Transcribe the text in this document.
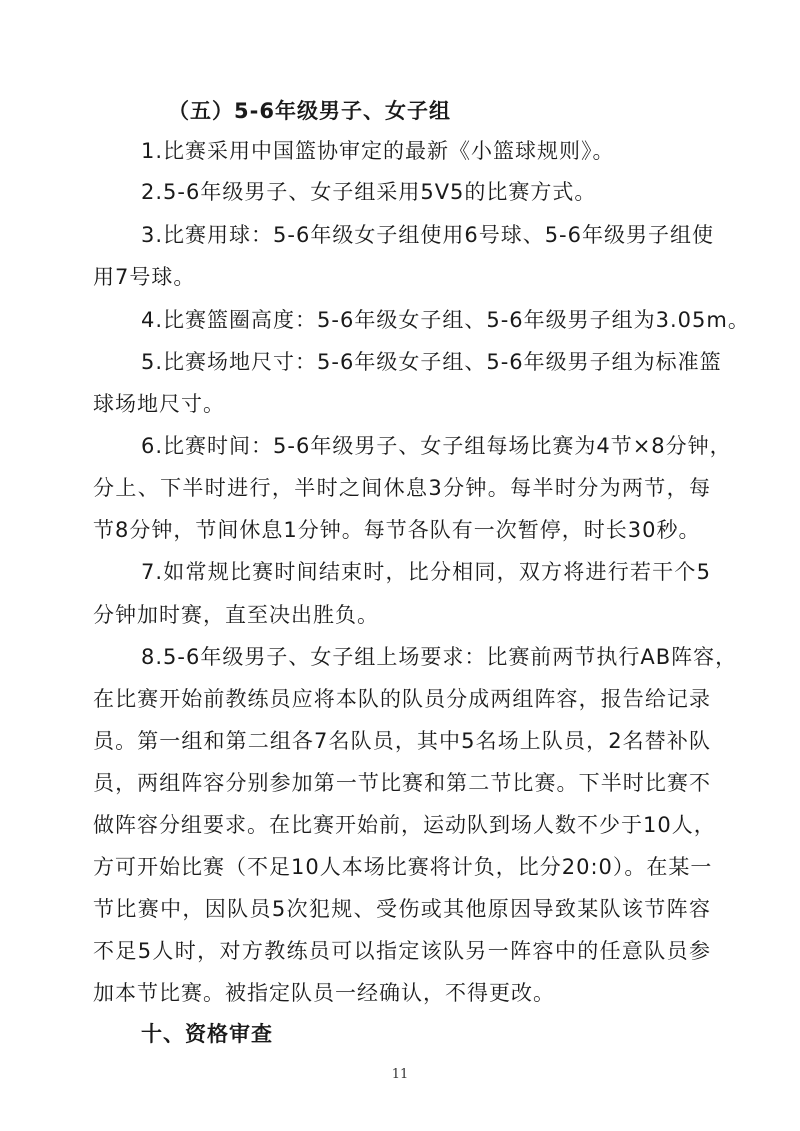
（五）5-6年级男子、女子组
1.比赛采用中国篮协审定的最新《小篮球规则》。
2.5-6年级男子、女子组采用5V5的比赛方式。
3.比赛用球：5-6年级女子组使用6号球、5-6年级男子组使
用7号球。
4.比赛篮圈高度：5-6年级女子组、5-6年级男子组为3.05m。
5.比赛场地尺寸：5-6年级女子组、5-6年级男子组为标准篮
球场地尺寸。
6.比赛时间：5-6年级男子、女子组每场比赛为4节×8分钟，
分上、下半时进行，半时之间休息3分钟。每半时分为两节，每
节8分钟，节间休息1分钟。每节各队有一次暂停，时长30秒。
7.如常规比赛时间结束时，比分相同，双方将进行若干个5
分钟加时赛，直至决出胜负。
8.5-6年级男子、女子组上场要求：比赛前两节执行AB阵容，
在比赛开始前教练员应将本队的队员分成两组阵容，报告给记录
员。第一组和第二组各7名队员，其中5名场上队员，2名替补队
员，两组阵容分别参加第一节比赛和第二节比赛。下半时比赛不
做阵容分组要求。在比赛开始前，运动队到场人数不少于10人，
方可开始比赛（不足10人本场比赛将计负，比分20:0）。在某一
节比赛中，因队员5次犯规、受伤或其他原因导致某队该节阵容
不足5人时，对方教练员可以指定该队另一阵容中的任意队员参
加本节比赛。被指定队员一经确认，不得更改。
十、资格审查
11
